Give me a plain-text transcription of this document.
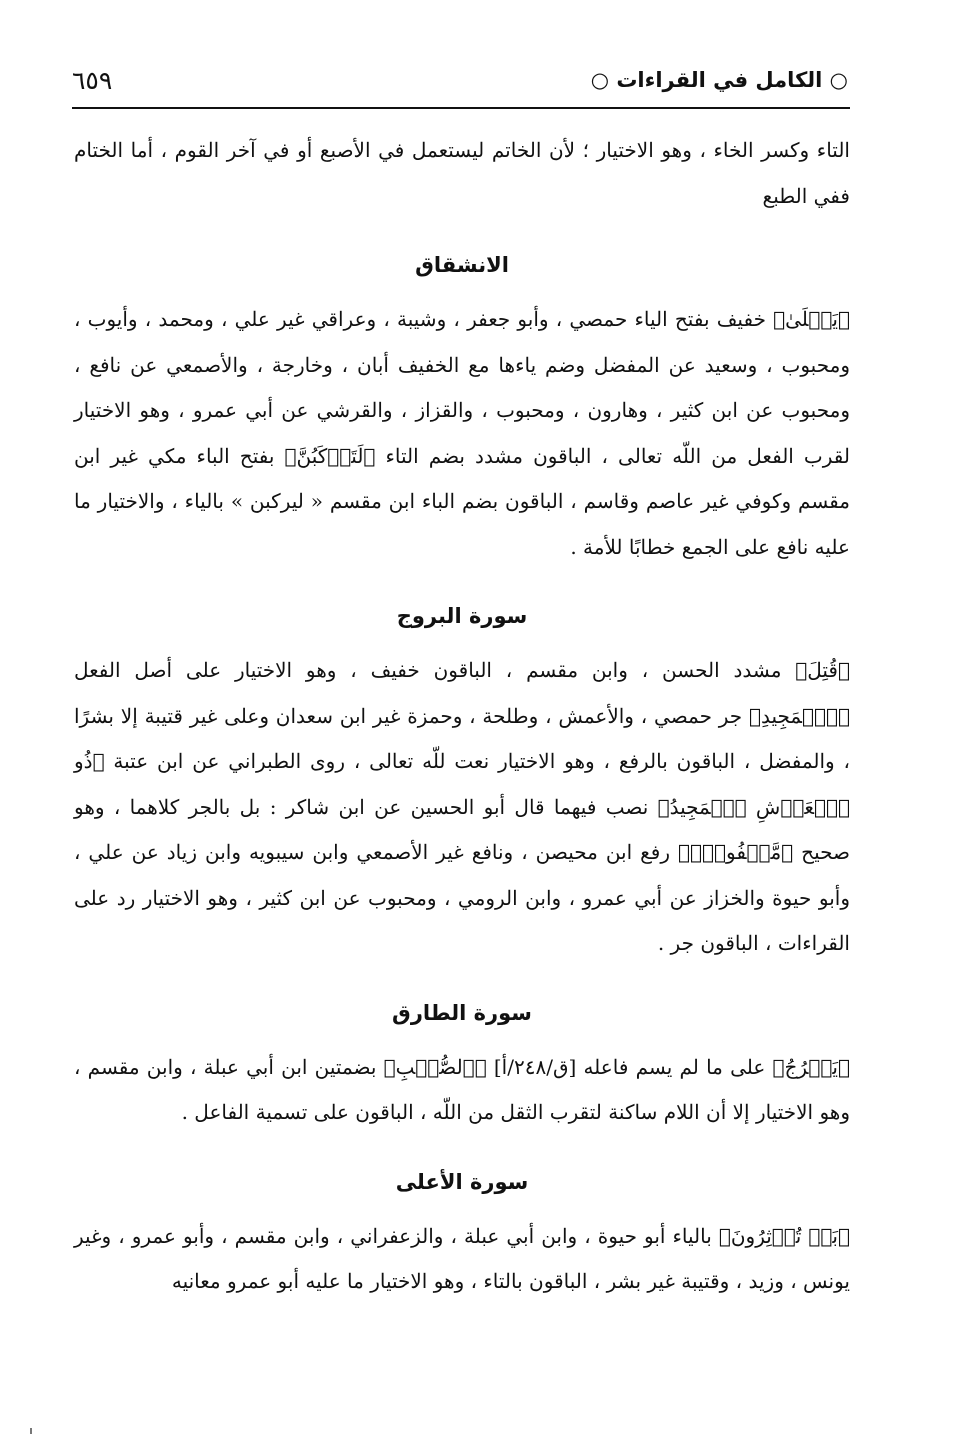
○ الكامل في القراءات ○
٦٥٩

التاء وكسر الخاء ، وهو الاختيار ؛ لأن الخاتم ليستعمل في الأصبع أو في آخر القوم ، أما الختام ففي الطبع

الانشقاق

﴿يَصۡلَىٰ﴾ خفيف بفتح الياء حمصي ، وأبو جعفر ، وشيبة ، وعراقي غير علي ، ومحمد ، وأيوب ، ومحبوب ، وسعيد عن المفضل وضم ياءها مع الخفيف أبان ، وخارجة ، والأصمعي عن نافع ، ومحبوب عن ابن كثير ، وهارون ، ومحبوب ، والقزاز ، والقرشي عن أبي عمرو ، وهو الاختيار لقرب الفعل من اللّه تعالى ، الباقون مشدد بضم التاء ﴿لَتَرۡكَبُنَّ﴾ بفتح الباء مكي غير ابن مقسم وكوفي غير عاصم وقاسم ، الباقون بضم الباء ابن مقسم « ليركبن » بالياء ، والاختيار ما عليه نافع على الجمع خطابًا للأمة .

سورة البروج

﴿قُتِلَ﴾ مشدد الحسن ، وابن مقسم ، الباقون خفيف ، وهو الاختيار على أصل الفعل ﴿ٱلۡمَجِيدِ﴾ جر حمصي ، والأعمش ، وطلحة ، وحمزة غير ابن سعدان وعلى غير قتيبة إلا بشرًا ، والمفضل ، الباقون بالرفع ، وهو الاختيار نعت للّه تعالى ، روى الطبراني عن ابن عتبة ﴿ذُو ٱلۡعَرۡشِ ٱلۡمَجِيدُ﴾ نصب فيهما قال أبو الحسين عن ابن شاكر : بل بالجر كلاهما ، وهو صحيح ﴿مَّحۡفُوظِۭ﴾ رفع ابن محيصن ، ونافع غير الأصمعي وابن سيبويه وابن زياد عن علي ، وأبو حيوة والخزاز عن أبي عمرو ، وابن الرومي ، ومحبوب عن ابن كثير ، وهو الاختيار رد على القراءات ، الباقون جر .

سورة الطارق

﴿يَخۡرُجُ﴾ على ما لم يسم فاعله [ق/٢٤٨/أ] ﴿ٱلصُّلۡبِ﴾ بضمتين ابن أبي عبلة ، وابن مقسم ، وهو الاختيار إلا أن اللام ساكنة لتقرب الثقل من اللّه ، الباقون على تسمية الفاعل .

سورة الأعلى

﴿بَلۡ تُؤۡثِرُونَ﴾ بالياء أبو حيوة ، وابن أبي عبلة ، والزعفراني ، وابن مقسم ، وأبو عمرو ، وغير يونس ، وزيد ، وقتيبة غير بشر ، الباقون بالتاء ، وهو الاختيار ما عليه أبو عمرو معانيه
